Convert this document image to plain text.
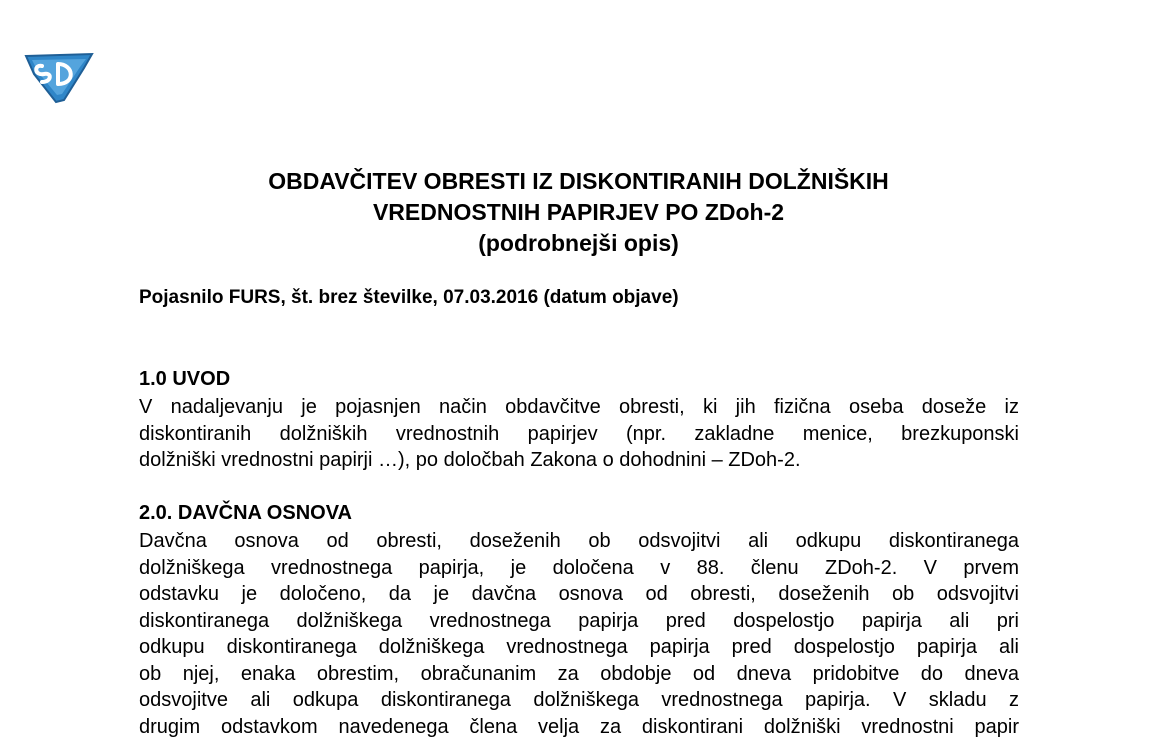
OBDAVČITEV OBRESTI IZ DISKONTIRANIH DOLŽNIŠKIH
VREDNOSTNIH PAPIRJEV PO ZDoh-2
(podrobnejši opis)
Pojasnilo FURS, št. brez številke, 07.03.2016 (datum objave)
1.0 UVOD
V nadaljevanju je pojasnjen način obdavčitve obresti, ki jih fizična oseba doseže iz
diskontiranih dolžniških vrednostnih papirjev (npr. zakladne menice, brezkuponski
dolžniški vrednostni papirji …), po določbah Zakona o dohodnini – ZDoh-2.
2.0. DAVČNA OSNOVA
Davčna osnova od obresti, doseženih ob odsvojitvi ali odkupu diskontiranega
dolžniškega vrednostnega papirja, je določena v 88. členu ZDoh-2. V prvem
odstavku je določeno, da je davčna osnova od obresti, doseženih ob odsvojitvi
diskontiranega dolžniškega vrednostnega papirja pred dospelostjo papirja ali pri
odkupu diskontiranega dolžniškega vrednostnega papirja pred dospelostjo papirja ali
ob njej, enaka obrestim, obračunanim za obdobje od dneva pridobitve do dneva
odsvojitve ali odkupa diskontiranega dolžniškega vrednostnega papirja. V skladu z
drugim odstavkom navedenega člena velja za diskontirani dolžniški vrednostni papir
